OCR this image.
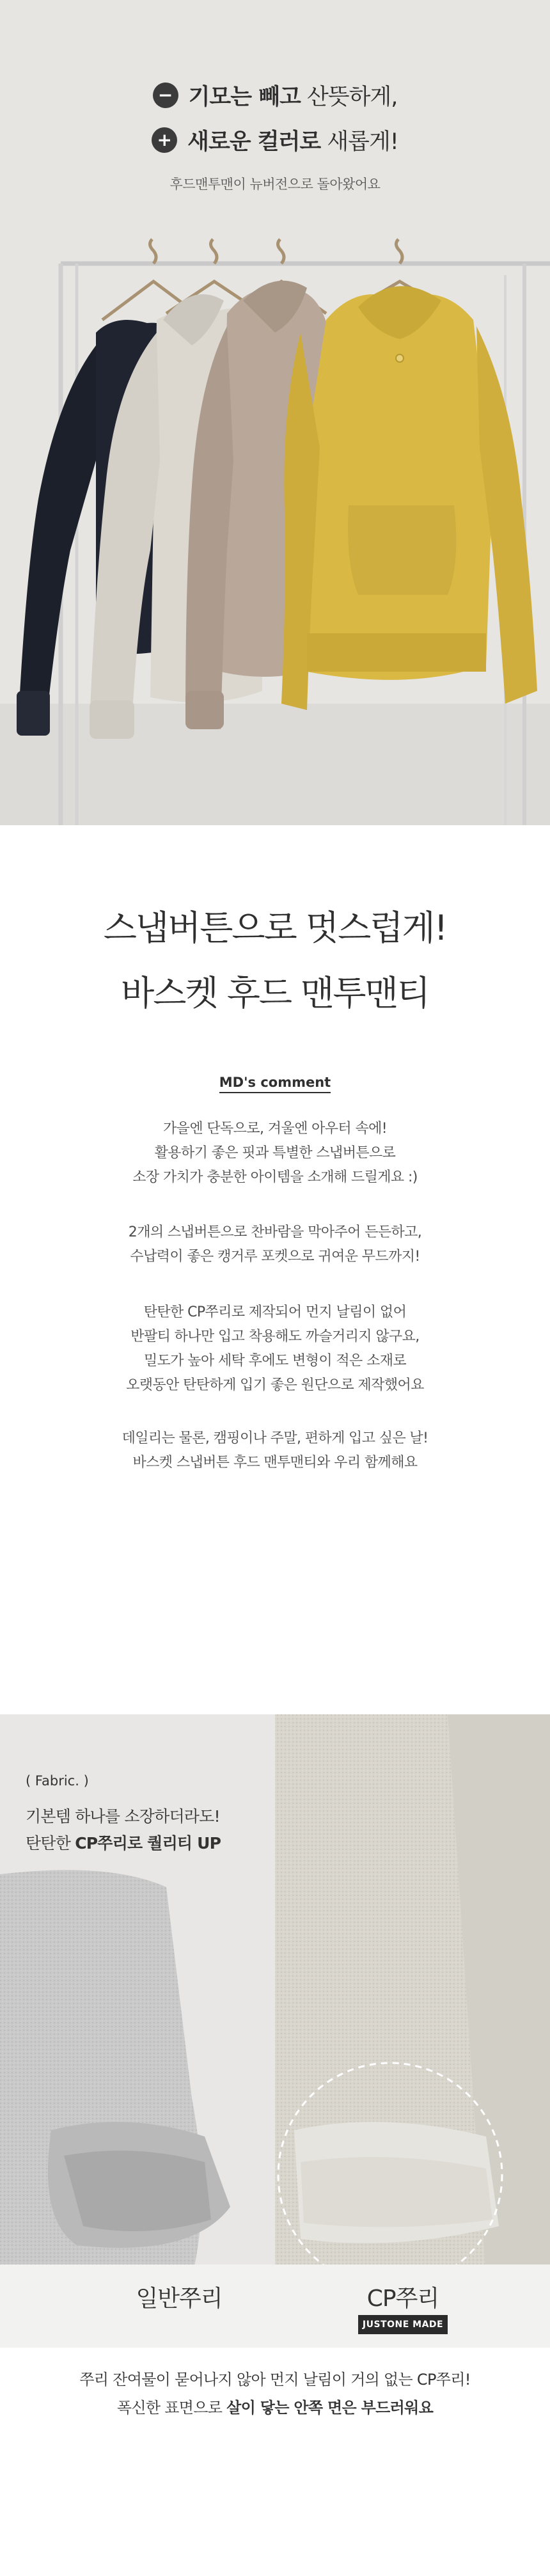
− 기모는 빼고 산뜻하게,
+ 새로운 컬러로 새롭게!
후드맨투맨이 뉴버전으로 돌아왔어요
스냅버튼으로 멋스럽게!
바스켓 후드 맨투맨티
MD's comment
가을엔 단독으로, 겨울엔 아우터 속에!
활용하기 좋은 핏과 특별한 스냅버튼으로
소장 가치가 충분한 아이템을 소개해 드릴게요 :)
2개의 스냅버튼으로 찬바람을 막아주어 든든하고,
수납력이 좋은 캥거루 포켓으로 귀여운 무드까지!
탄탄한 CP쭈리로 제작되어 먼지 날림이 없어
반팔티 하나만 입고 착용해도 까슬거리지 않구요,
밀도가 높아 세탁 후에도 변형이 적은 소재로
오랫동안 탄탄하게 입기 좋은 원단으로 제작했어요
데일리는 물론, 캠핑이나 주말, 편하게 입고 싶은 날!
바스켓 스냅버튼 후드 맨투맨티와 우리 함께해요
( Fabric. )
기본템 하나를 소장하더라도!
탄탄한 CP쭈리로 퀄리티 UP
일반쭈리	CP쭈리
JUSTONE MADE
쭈리 잔여물이 묻어나지 않아 먼지 날림이 거의 없는 CP쭈리!
폭신한 표면으로 살이 닿는 안쪽 면은 부드러워요
